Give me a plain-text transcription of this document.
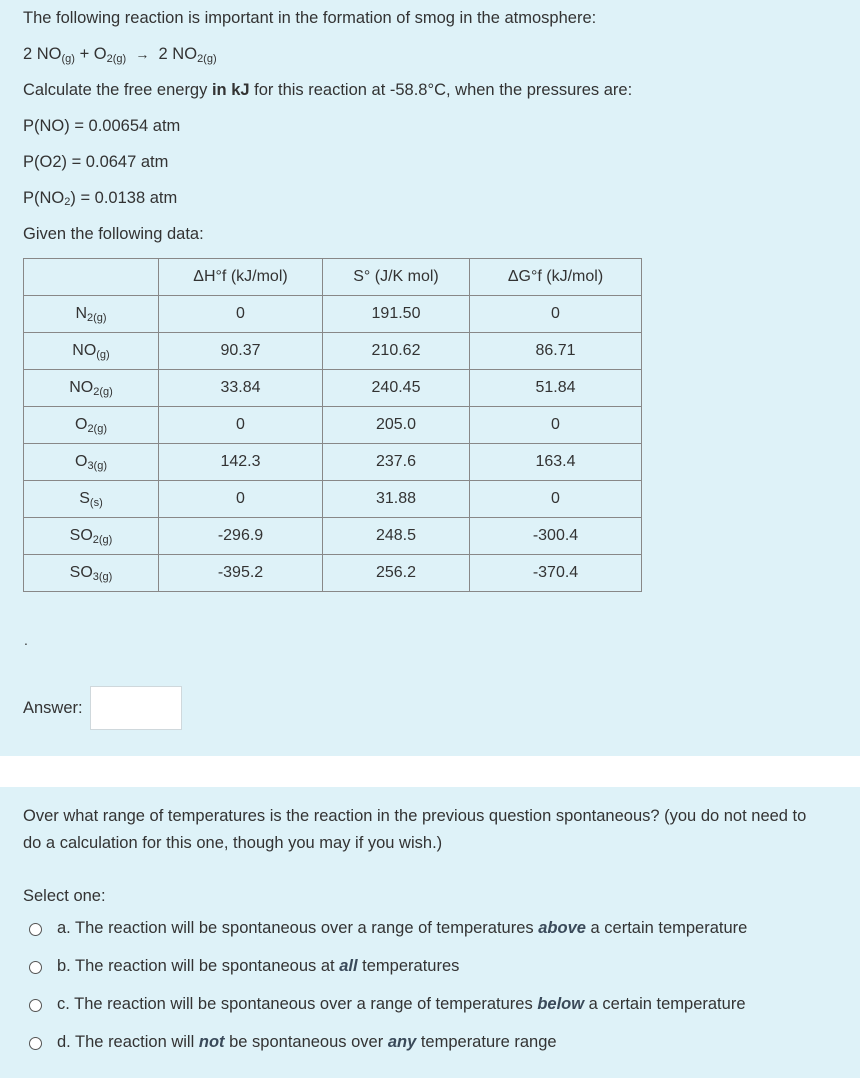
The following reaction is important in the formation of smog in the atmosphere:
2 $NO_{(g)} + O_{2(g)} \to 2$ $NO_{2(g)}$
Calculate the free energy in kJ for this reaction at -58.8°C, when the pressures are:
P(NO) = 0.00654 atm
P(O2) = 0.0647 atm
$P(NO_2) = 0.0138$ atm
Given the following data:
	ΔH°f (kJ/mol)	S° (J/K mol)	ΔG°f (kJ/mol)
$N_{2(g)}$	0	191.50	0
$NO_{(g)}$	90.37	210.62	86.71
$NO_{2(g)}$	33.84	240.45	51.84
$O_{2(g)}$	0	205.0	0
$O_{3(g)}$	142.3	237.6	163.4
$S_{(s)}$	0	31.88	0
$SO_{2(g)}$	-296.9	248.5	-300.4
$SO_{3(g)}$	-395.2	256.2	-370.4
.
Answer:
Over what range of temperatures is the reaction in the previous question spontaneous? (you do not need to do a calculation for this one, though you may if you wish.)
Select one:
a. The reaction will be spontaneous over a range of temperatures above a certain temperature
b. The reaction will be spontaneous at all temperatures
c. The reaction will be spontaneous over a range of temperatures below a certain temperature
d. The reaction will not be spontaneous over any temperature range
